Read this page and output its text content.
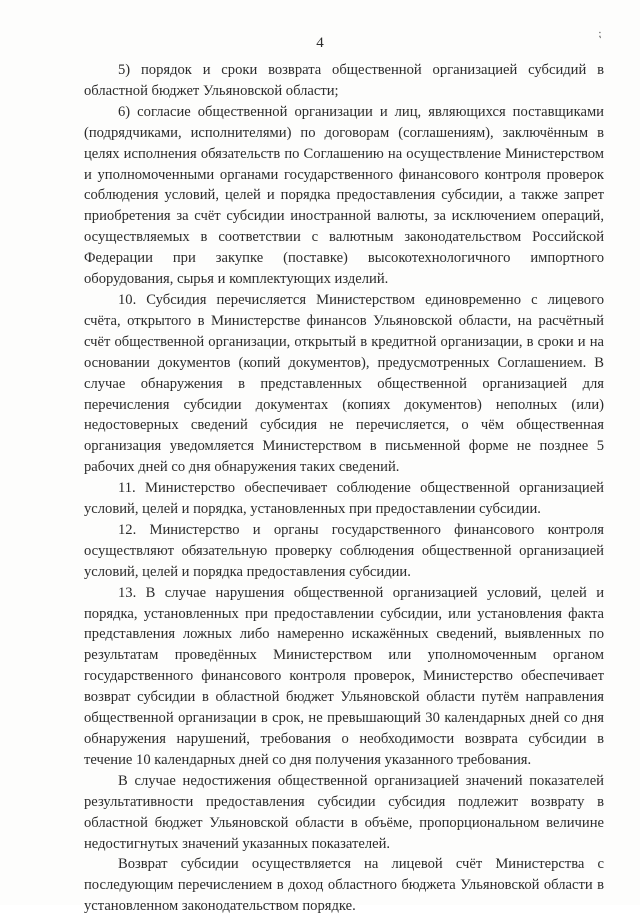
4
⁏

5) порядок и сроки возврата общественной организацией субсидий в областной бюджет Ульяновской области;

6) согласие общественной организации и лиц, являющихся поставщиками (подрядчиками, исполнителями) по договорам (соглашениям), заключённым в целях исполнения обязательств по Соглашению на осуществление Министерством и уполномоченными органами государственного финансового контроля проверок соблюдения условий, целей и порядка предоставления субсидии, а также запрет приобретения за счёт субсидии иностранной валюты, за исключением операций, осуществляемых в соответствии с валютным законодательством Российской Федерации при закупке (поставке) высокотехнологичного импортного оборудования, сырья и комплектующих изделий.

10. Субсидия перечисляется Министерством единовременно с лицевого счёта, открытого в Министерстве финансов Ульяновской области, на расчётный счёт общественной организации, открытый в кредитной организации, в сроки и на основании документов (копий документов), предусмотренных Соглашением. В случае обнаружения в представленных общественной организацией для перечисления субсидии документах (копиях документов) неполных (или) недостоверных сведений субсидия не перечисляется, о чём общественная организация уведомляется Министерством в письменной форме не позднее 5 рабочих дней со дня обнаружения таких сведений.

11. Министерство обеспечивает соблюдение общественной организацией условий, целей и порядка, установленных при предоставлении субсидии.

12. Министерство и органы государственного финансового контроля осуществляют обязательную проверку соблюдения общественной организацией условий, целей и порядка предоставления субсидии.

13. В случае нарушения общественной организацией условий, целей и порядка, установленных при предоставлении субсидии, или установления факта представления ложных либо намеренно искажённых сведений, выявленных по результатам проведённых Министерством или уполномоченным органом государственного финансового контроля проверок, Министерство обеспечивает возврат субсидии в областной бюджет Ульяновской области путём направления общественной организации в срок, не превышающий 30 календарных дней со дня обнаружения нарушений, требования о необходимости возврата субсидии в течение 10 календарных дней со дня получения указанного требования.

В случае недостижения общественной организацией значений показателей результативности предоставления субсидии субсидия подлежит возврату в областной бюджет Ульяновской области в объёме, пропорциональном величине недостигнутых значений указанных показателей.

Возврат субсидии осуществляется на лицевой счёт Министерства с последующим перечислением в доход областного бюджета Ульяновской области в установленном законодательством порядке.
